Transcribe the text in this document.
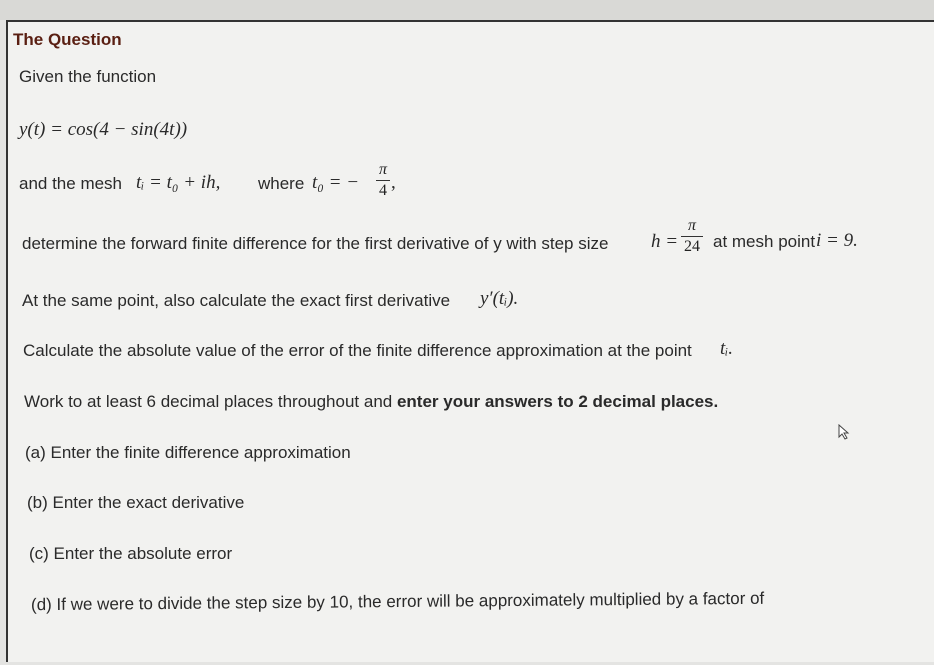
The Question
Given the function
y(t) = cos(4 − sin(4t))
and the mesh tᵢ = t₀ + ih, where t₀ = −
π
4 ,
determine the forward finite difference for the first derivative of y with step size h =
π
24 at mesh point i = 9.
At the same point, also calculate the exact first derivative y′(tᵢ).
Calculate the absolute value of the error of the finite difference approximation at the point tᵢ.
Work to at least 6 decimal places throughout and enter your answers to 2 decimal places.
(a) Enter the finite difference approximation
(b) Enter the exact derivative
(c) Enter the absolute error
(d) If we were to divide the step size by 10, the error will be approximately multiplied by a factor of
